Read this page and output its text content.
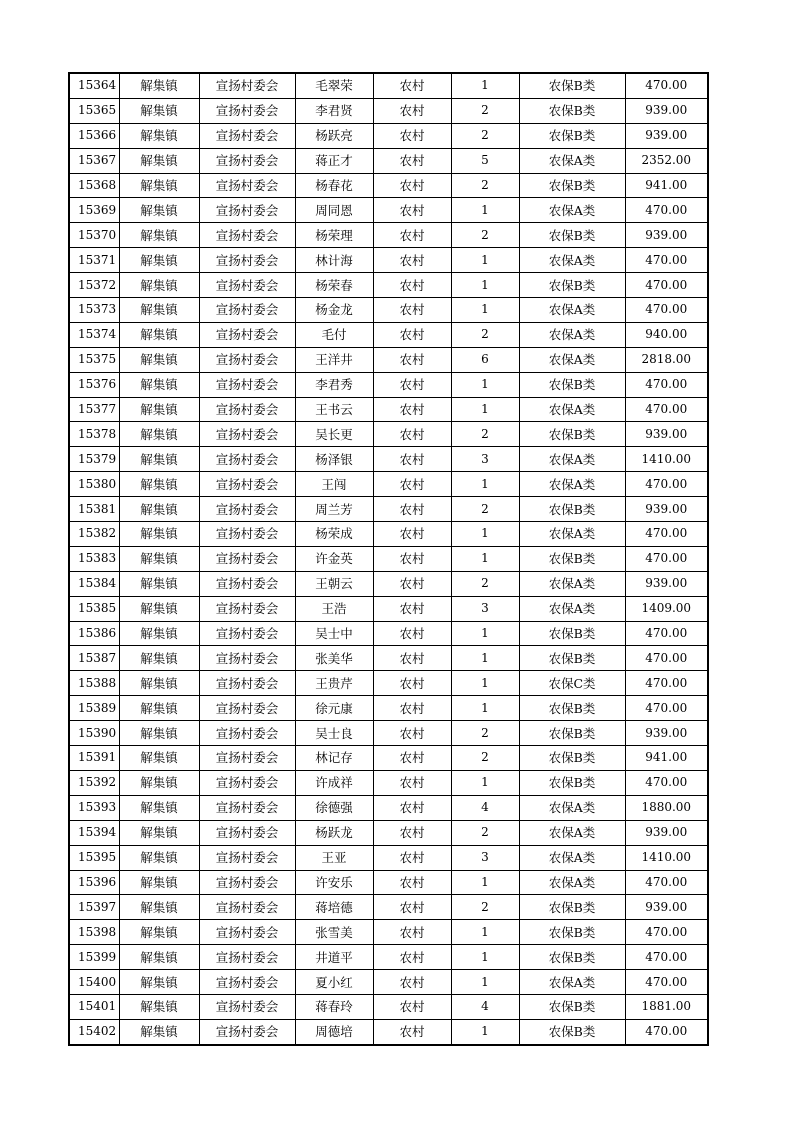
15364	解集镇	宣扬村委会	毛翠荣	农村	1	农保B类	470.00
15365	解集镇	宣扬村委会	李君贤	农村	2	农保B类	939.00
15366	解集镇	宣扬村委会	杨跃亮	农村	2	农保B类	939.00
15367	解集镇	宣扬村委会	蒋正才	农村	5	农保A类	2352.00
15368	解集镇	宣扬村委会	杨春花	农村	2	农保B类	941.00
15369	解集镇	宣扬村委会	周同恩	农村	1	农保A类	470.00
15370	解集镇	宣扬村委会	杨荣理	农村	2	农保B类	939.00
15371	解集镇	宣扬村委会	林计海	农村	1	农保A类	470.00
15372	解集镇	宣扬村委会	杨荣春	农村	1	农保B类	470.00
15373	解集镇	宣扬村委会	杨金龙	农村	1	农保A类	470.00
15374	解集镇	宣扬村委会	毛付	农村	2	农保A类	940.00
15375	解集镇	宣扬村委会	王洋井	农村	6	农保A类	2818.00
15376	解集镇	宣扬村委会	李君秀	农村	1	农保B类	470.00
15377	解集镇	宣扬村委会	王书云	农村	1	农保A类	470.00
15378	解集镇	宣扬村委会	吴长更	农村	2	农保B类	939.00
15379	解集镇	宣扬村委会	杨泽银	农村	3	农保A类	1410.00
15380	解集镇	宣扬村委会	王闯	农村	1	农保A类	470.00
15381	解集镇	宣扬村委会	周兰芳	农村	2	农保B类	939.00
15382	解集镇	宣扬村委会	杨荣成	农村	1	农保A类	470.00
15383	解集镇	宣扬村委会	许金英	农村	1	农保B类	470.00
15384	解集镇	宣扬村委会	王朝云	农村	2	农保A类	939.00
15385	解集镇	宣扬村委会	王浩	农村	3	农保A类	1409.00
15386	解集镇	宣扬村委会	吴士中	农村	1	农保B类	470.00
15387	解集镇	宣扬村委会	张美华	农村	1	农保B类	470.00
15388	解集镇	宣扬村委会	王贵芹	农村	1	农保C类	470.00
15389	解集镇	宣扬村委会	徐元康	农村	1	农保B类	470.00
15390	解集镇	宣扬村委会	吴士良	农村	2	农保B类	939.00
15391	解集镇	宣扬村委会	林记存	农村	2	农保B类	941.00
15392	解集镇	宣扬村委会	许成祥	农村	1	农保B类	470.00
15393	解集镇	宣扬村委会	徐德强	农村	4	农保A类	1880.00
15394	解集镇	宣扬村委会	杨跃龙	农村	2	农保A类	939.00
15395	解集镇	宣扬村委会	王亚	农村	3	农保A类	1410.00
15396	解集镇	宣扬村委会	许安乐	农村	1	农保A类	470.00
15397	解集镇	宣扬村委会	蒋培德	农村	2	农保B类	939.00
15398	解集镇	宣扬村委会	张雪美	农村	1	农保B类	470.00
15399	解集镇	宣扬村委会	井道平	农村	1	农保B类	470.00
15400	解集镇	宣扬村委会	夏小红	农村	1	农保A类	470.00
15401	解集镇	宣扬村委会	蒋春玲	农村	4	农保B类	1881.00
15402	解集镇	宣扬村委会	周德培	农村	1	农保B类	470.00
